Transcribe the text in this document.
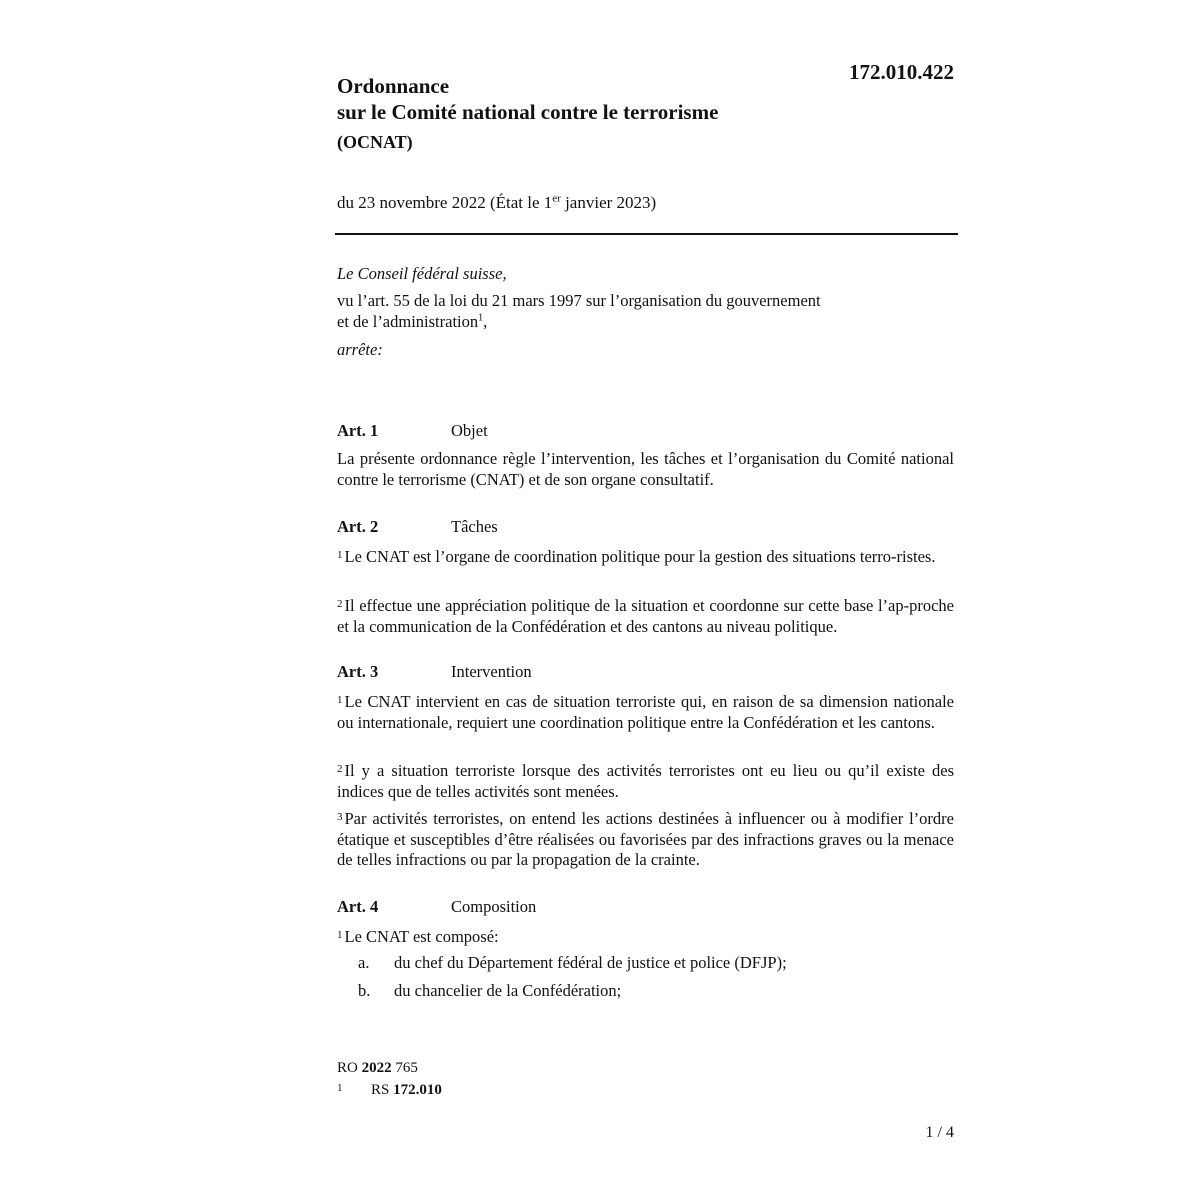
172.010.422
Ordonnance
sur le Comité national contre le terrorisme
(OCNAT)
du 23 novembre 2022 (État le 1er janvier 2023)
Le Conseil fédéral suisse,
vu l’art. 55 de la loi du 21 mars 1997 sur l’organisation du gouvernement
et de l’administration$^1$,
arrête:
Art. 1	Objet
La présente ordonnance règle l’intervention, les tâches et l’organisation du Comité national contre le terrorisme (CNAT) et de son organe consultatif.
Art. 2	Tâches
$^1$ Le CNAT est l’organe de coordination politique pour la gestion des situations terro-ristes.
$^2$ Il effectue une appréciation politique de la situation et coordonne sur cette base l’ap-proche et la communication de la Confédération et des cantons au niveau politique.
Art. 3	Intervention
$^1$ Le CNAT intervient en cas de situation terroriste qui, en raison de sa dimension nationale ou internationale, requiert une coordination politique entre la Confédération et les cantons.
$^2$ Il y a situation terroriste lorsque des activités terroristes ont eu lieu ou qu’il existe des indices que de telles activités sont menées.
$^3$ Par activités terroristes, on entend les actions destinées à influencer ou à modifier l’ordre étatique et susceptibles d’être réalisées ou favorisées par des infractions graves ou la menace de telles infractions ou par la propagation de la crainte.
Art. 4	Composition
$^1$ Le CNAT est composé:
a. du chef du Département fédéral de justice et police (DFJP);
b. du chancelier de la Confédération;
RO 2022 765
1 RS 172.010
1 / 4
